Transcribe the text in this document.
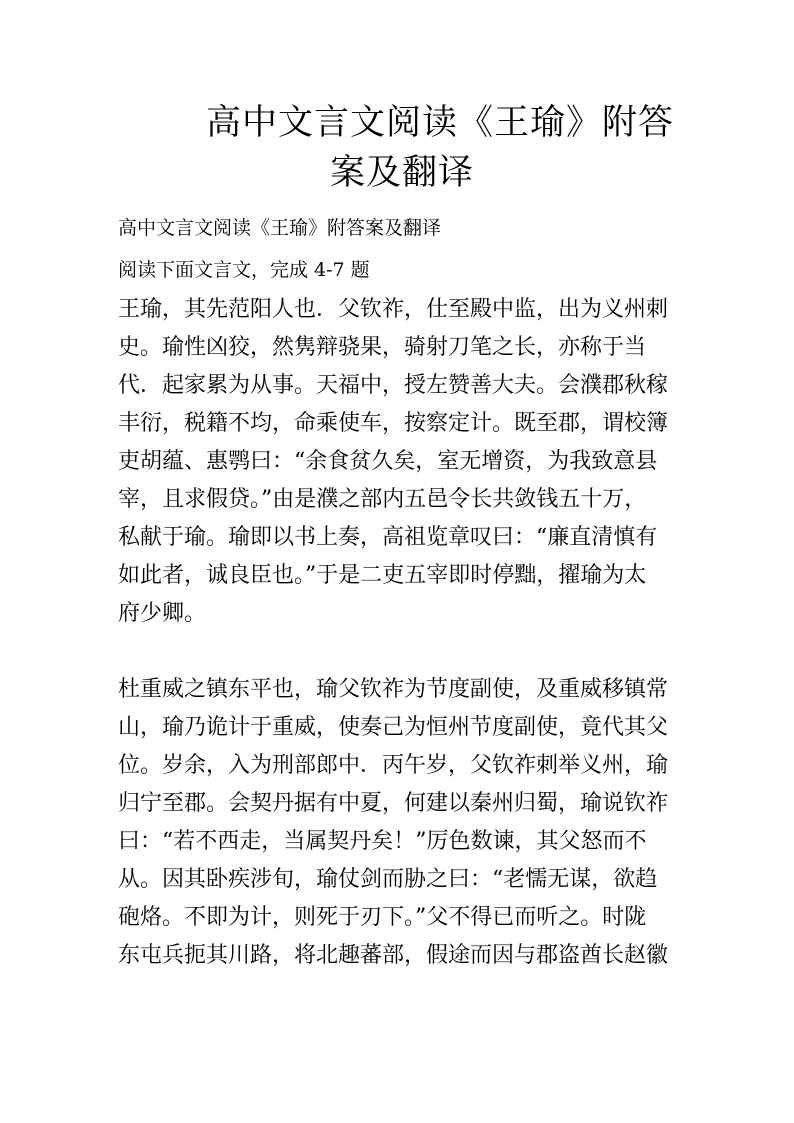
高中文言文阅读《王瑜》附答
案及翻译
高中文言文阅读《王瑜》附答案及翻译
阅读下面文言文，完成 4-7 题
王瑜，其先范阳人也．父钦祚，仕至殿中监，出为义州刺
史。瑜性凶狡，然隽辩骁果，骑射刀笔之长，亦称于当
代．起家累为从事。天福中，授左赞善大夫。会濮郡秋稼
丰衍，税籍不均，命乘使车，按察定计。既至郡，谓校簿
吏胡蕴、惠鹗曰：“余食贫久矣，室无增资，为我致意县
宰，且求假贷。”由是濮之部内五邑令长共敛钱五十万，
私献于瑜。瑜即以书上奏，高祖览章叹曰：“廉直清慎有
如此者，诚良臣也。”于是二吏五宰即时停黜，擢瑜为太
府少卿。
杜重威之镇东平也，瑜父钦祚为节度副使，及重威移镇常
山，瑜乃诡计于重威，使奏己为恒州节度副使，竟代其父
位。岁余，入为刑部郎中．丙午岁，父钦祚刺举义州，瑜
归宁至郡。会契丹据有中夏，何建以秦州归蜀，瑜说钦祚
曰：“若不西走，当属契丹矣！”厉色数谏，其父怒而不
从。因其卧疾涉旬，瑜仗剑而胁之曰：“老懦无谋，欲趋
砲烙。不即为计，则死于刃下。”父不得已而听之。时陇
东屯兵扼其川路，将北趣蕃部，假途而因与郡盗酋长赵徽
